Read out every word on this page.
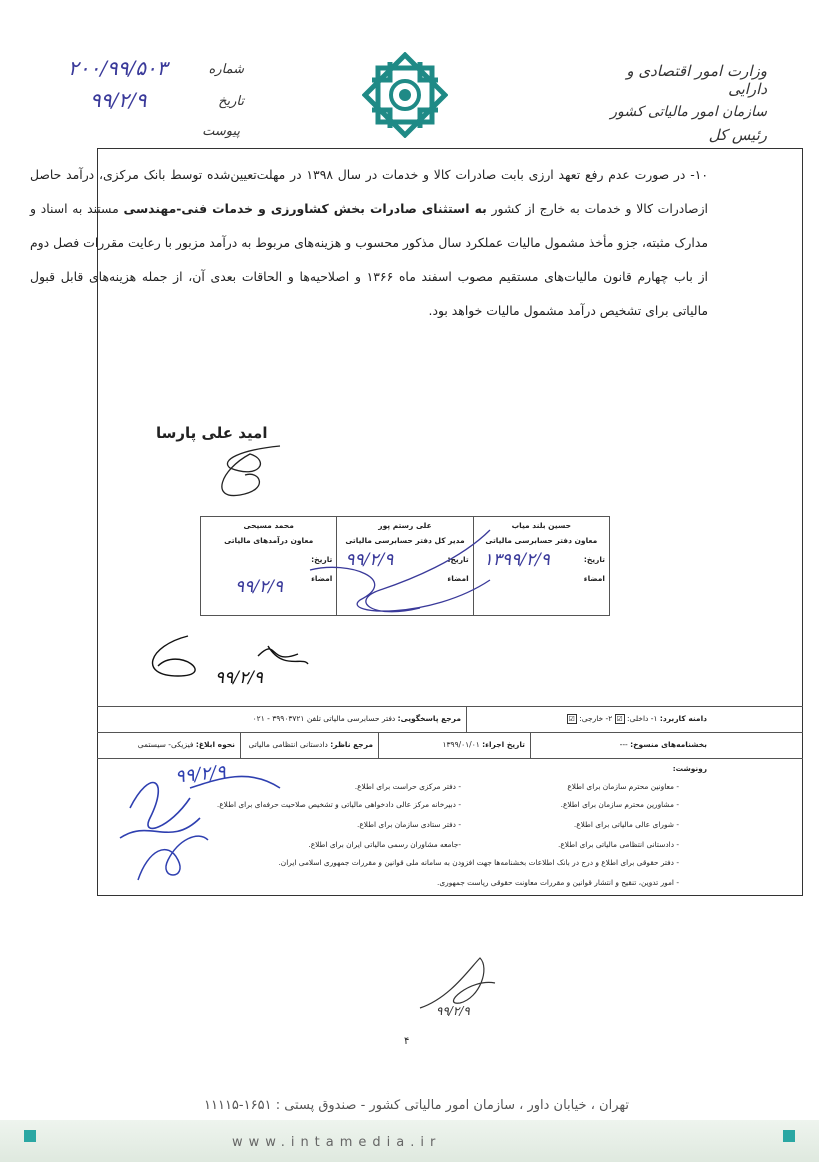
وزارت امور اقتصادی و دارایی
سازمان امور مالیاتی کشور
رئیس کل
شماره
۲۰۰/۹۹/۵۰۳
تاریخ
۹۹/۲/۹
پیوست
۱۰- در صورت عدم رفع تعهد ارزی بابت صادرات کالا و خدمات در سال ۱۳۹۸ در مهلت‌تعیین‌شده توسط بانک مرکزی، درآمد حاصل ازصادرات کالا و خدمات به خارج از کشور به استثنای صادرات بخش کشاورزی و خدمات فنی-مهندسی مستند به اسناد و مدارک مثبته، جزو مأخذ مشمول مالیات عملکرد سال مذکور محسوب و هزینه‌های مربوط به درآمد مزبور با رعایت مقررات فصل دوم از باب چهارم قانون مالیات‌های مستقیم مصوب اسفند ماه ۱۳۶۶ و اصلاحیه‌ها و الحاقات بعدی آن، از جمله هزینه‌های قابل قبول مالیاتی برای تشخیص درآمد مشمول مالیات خواهد بود.
امید علی پارسا
حسین بلند میاب
معاون دفتر حسابرسی مالیاتی
تاریخ:
۱۳۹۹/۲/۹
امضاء
علی رستم پور
مدیر کل دفتر حسابرسی مالیاتی
تاریخ:
۹۹/۲/۹
امضاء
محمد مسیحی
معاون درآمدهای مالیاتی
تاریخ:
۹۹/۲/۹	امضاء
۹۹/۲/۹
دامنه کاربرد: ۱- داخلی: ☑ ۲- خارجی: ☑
مرجع پاسخگویی: دفتر حسابرسی مالیاتی تلفن ۳۹۹۰۳۷۲۱ - ۰۲۱
بخشنامه‌های منسوخ: ---
تاریخ اجراء: ۱۳۹۹/۰۱/۰۱
مرجع ناظر: دادستانی انتظامی مالیاتی
نحوه ابلاغ: فیزیکی- سیستمی
رونوشت:
- معاونین محترم سازمان برای اطلاع
- مشاورین محترم سازمان برای اطلاع.
- شورای عالی مالیاتی برای اطلاع.
- دادستانی انتظامی مالیاتی برای اطلاع.
- دفتر مرکزی حراست برای اطلاع.
- دبیرخانه مرکز عالی دادخواهی مالیاتی و تشخیص صلاحیت حرفه‌ای برای اطلاع.
- دفتر ستادی سازمان برای اطلاع.
-جامعه مشاوران رسمی مالیاتی ایران برای اطلاع.
- دفتر حقوقی برای اطلاع و درج در بانک اطلاعات بخشنامه‌ها جهت افزودن به سامانه ملی قوانین و مقررات جمهوری اسلامی ایران.
- امور تدوین، تنقیح و انتشار قوانین و مقررات معاونت حقوقی ریاست جمهوری.
۹۹/۲/۹
۹۹/۲/۹
۴
تهران ، خیابان داور ، سازمان امور مالیاتی کشور - صندوق پستی : ۱۶۵۱-۱۱۱۱۵
www.intamedia.ir
